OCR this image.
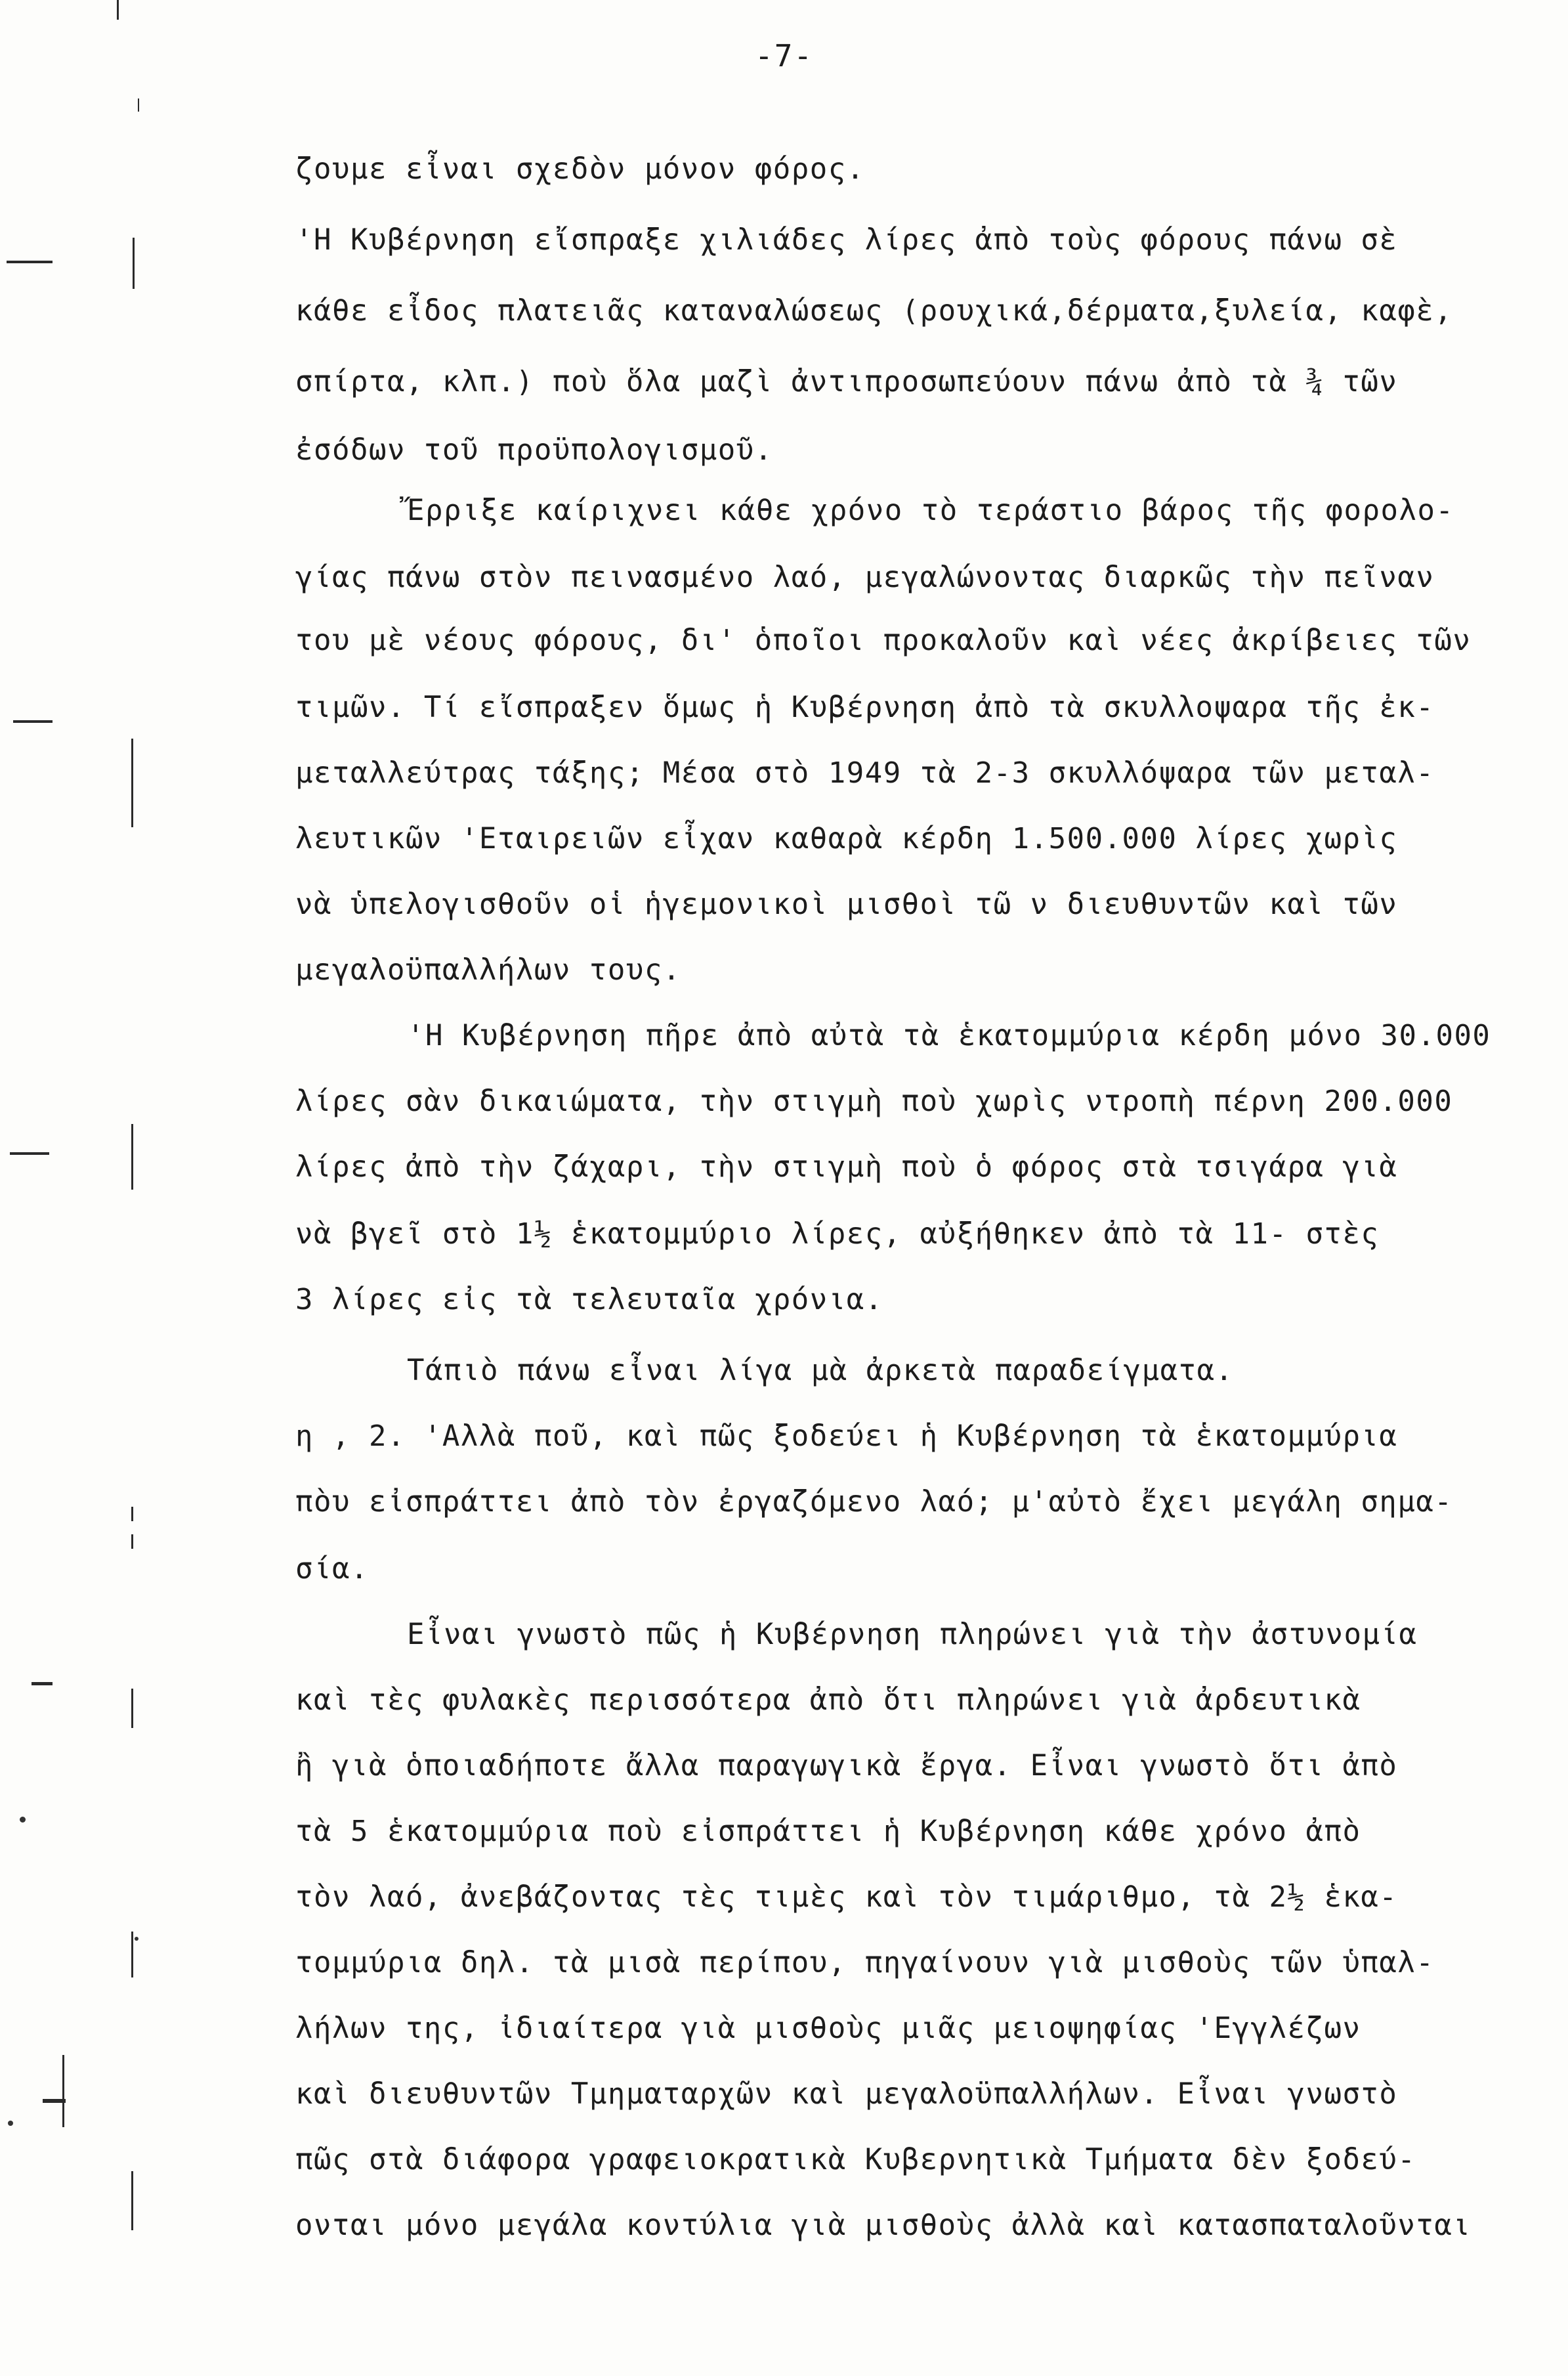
-7-
ζουμε εἶναι σχεδὸν μόνον φόρος.
'Η Κυβέρνηση εἴσπραξε χιλιάδες λίρες ἀπὸ τοὺς φόρους πάνω σὲ
κάθε εἶδος πλατειᾶς καταναλώσεως (ρουχικά,δέρματα,ξυλεία, καφὲ,
σπίρτα, κλπ.) ποὺ ὅλα μαζὶ ἀντιπροσωπεύουν πάνω ἀπὸ τὰ ¾ τῶν
ἐσόδων τοῦ προϋπολογισμοῦ.
Ἔρριξε καίριχνει κάθε χρόνο τὸ τεράστιο βάρος τῆς φορολο-
γίας πάνω στὸν πεινασμένο λαό, μεγαλώνοντας διαρκῶς τὴν πεῖναν
του μὲ νέους φόρους, δι' ὁποῖοι προκαλοῦν καὶ νέες ἀκρίβειες τῶν
τιμῶν. Τί εἴσπραξεν ὅμως ἡ Κυβέρνηση ἀπὸ τὰ σκυλλοψαρα τῆς ἐκ-
μεταλλεύτρας τάξης; Μέσα στὸ 1949 τὰ 2-3 σκυλλόψαρα τῶν μεταλ-
λευτικῶν 'Εταιρειῶν εἶχαν καθαρὰ κέρδη 1.500.000 λίρες χωρὶς
νὰ ὑπελογισθοῦν οἱ ἡγεμονικοὶ μισθοὶ τῶ ν διευθυντῶν καὶ τῶν
μεγαλοϋπαλλήλων τους.
'Η Κυβέρνηση πῆρε ἀπὸ αὐτὰ τὰ ἑκατομμύρια κέρδη μόνο 30.000
λίρες σὰν δικαιώματα, τὴν στιγμὴ ποὺ χωρὶς ντροπὴ πέρνη 200.000
λίρες ἀπὸ τὴν ζάχαρι, τὴν στιγμὴ ποὺ ὁ φόρος στὰ τσιγάρα γιὰ
νὰ βγεῖ στὸ 1½ ἑκατομμύριο λίρες, αὐξήθηκεν ἀπὸ τὰ 11- στὲς
3 λίρες εἰς τὰ τελευταῖα χρόνια.
Τάπιὸ πάνω εἶναι λίγα μὰ ἀρκετὰ παραδείγματα.
η , 2. 'Αλλὰ ποῦ, καὶ πῶς ξοδεύει ἡ Κυβέρνηση τὰ ἑκατομμύρια
πὸυ εἰσπράττει ἀπὸ τὸν ἐργαζόμενο λαό; μ'αὐτὸ ἔχει μεγάλη σημα-
σία.
Εἶναι γνωστὸ πῶς ἡ Κυβέρνηση πληρώνει γιὰ τὴν ἀστυνομία
καὶ τὲς φυλακὲς περισσότερα ἀπὸ ὅτι πληρώνει γιὰ ἀρδευτικὰ
ἢ γιὰ ὁποιαδήποτε ἄλλα παραγωγικὰ ἔργα. Εἶναι γνωστὸ ὅτι ἀπὸ
τὰ 5 ἑκατομμύρια ποὺ εἰσπράττει ἡ Κυβέρνηση κάθε χρόνο ἀπὸ
τὸν λαό, ἀνεβάζοντας τὲς τιμὲς καὶ τὸν τιμάριθμο, τὰ 2½ ἑκα-
τομμύρια δηλ. τὰ μισὰ περίπου, πηγαίνουν γιὰ μισθοὺς τῶν ὑπαλ-
λήλων της, ἰδιαίτερα γιὰ μισθοὺς μιᾶς μειοψηφίας 'Εγγλέζων
καὶ διευθυντῶν Τμηματαρχῶν καὶ μεγαλοϋπαλλήλων. Εἶναι γνωστὸ
πῶς στὰ διάφορα γραφειοκρατικὰ Κυβερνητικὰ Τμήματα δὲν ξοδεύ-
ονται μόνο μεγάλα κοντύλια γιὰ μισθοὺς ἀλλὰ καὶ κατασπαταλοῦνται
